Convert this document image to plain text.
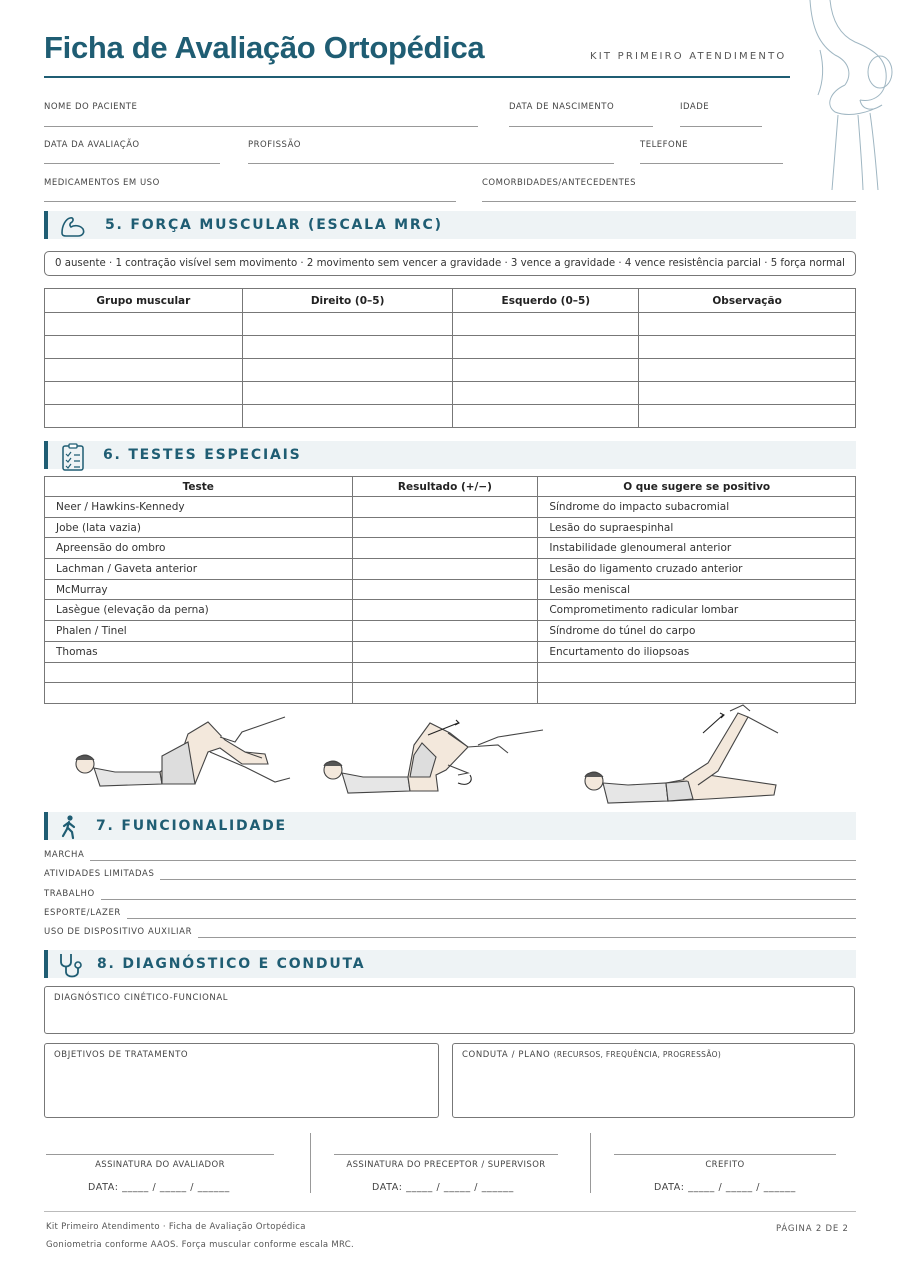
Ficha de Avaliação Ortopédica	KIT PRIMEIRO ATENDIMENTO
NOME DO PACIENTE	DATA DE NASCIMENTO	IDADE
DATA DA AVALIAÇÃO	PROFISSÃO	TELEFONE
MEDICAMENTOS EM USO	COMORBIDADES/ANTECEDENTES
5. FORÇA MUSCULAR (ESCALA MRC)
0 ausente · 1 contração visível sem movimento · 2 movimento sem vencer a gravidade · 3 vence a gravidade · 4 vence resistência parcial · 5 força normal
Grupo muscular	Direito (0–5)	Esquerdo (0–5)	Observação

6. TESTES ESPECIAIS
Teste	Resultado (+/−)	O que sugere se positivo
Neer / Hawkins-Kennedy		Síndrome do impacto subacromial
Jobe (lata vazia)		Lesão do supraespinhal
Apreensão do ombro		Instabilidade glenoumeral anterior
Lachman / Gaveta anterior		Lesão do ligamento cruzado anterior
McMurray		Lesão meniscal
Lasègue (elevação da perna)		Comprometimento radicular lombar
Phalen / Tinel		Síndrome do túnel do carpo
Thomas		Encurtamento do iliopsoas

7. FUNCIONALIDADE
MARCHA
ATIVIDADES LIMITADAS
TRABALHO
ESPORTE/LAZER
USO DE DISPOSITIVO AUXILIAR
8. DIAGNÓSTICO E CONDUTA
DIAGNÓSTICO CINÉTICO-FUNCIONAL
OBJETIVOS DE TRATAMENTO	CONDUTA / PLANO (RECURSOS, FREQUÊNCIA, PROGRESSÃO)
ASSINATURA DO AVALIADOR
DATA: _____ / _____ / ______
ASSINATURA DO PRECEPTOR / SUPERVISOR
DATA: _____ / _____ / ______
CREFITO
DATA: _____ / _____ / ______
Kit Primeiro Atendimento · Ficha de Avaliação Ortopédica
Goniometria conforme AAOS. Força muscular conforme escala MRC.
PÁGINA 2 DE 2
